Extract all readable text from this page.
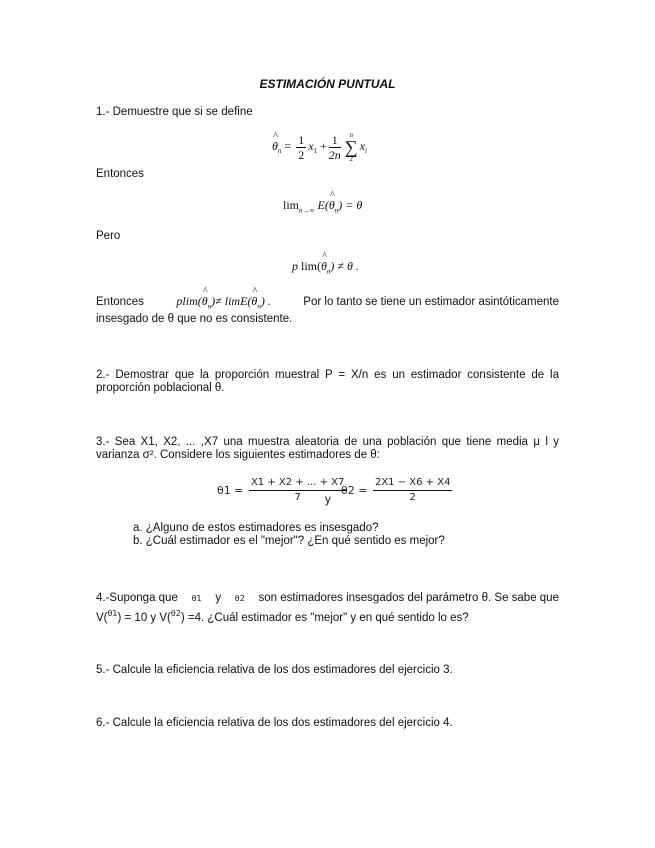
ESTIMACIÓN PUNTUAL
1.- Demuestre que si se define
^ $\theta_n = \frac{1}{2} x_1 + \frac{1}{2n}$	n
∑
2
$x_i$
Entonces
$\lim_{n\to\infty}$ E(^ $\theta_n) = \theta$
Pero
p lim(^ $\theta_n) \ne \theta$ .
Entonces	plim(^ $\theta_n)\ne$ limE(^ $\theta_n$) .	Por lo tanto se tiene un estimador asintóticamente
insesgado de θ que no es consistente.
2.- Demostrar que la proporción muestral P = X/n es un estimador consistente de la
proporción poblacional θ.
3.- Sea X1, X2, ... ,X7 una muestra aleatoria de una población que tiene media μ l y
varianza σ². Considere los siguientes estimadores de θ:
$\theta 1 = \frac{X1 + X2 + ... + X7}{7}$
y
$\theta 2 = \frac{2X1 - X6 + X4}{2}$
a. ¿Alguno de estos estimadores es insesgado?
b. ¿Cuál estimador es el "mejor"? ¿En qué sentido es mejor?
4.-Suponga que θ1 y θ2 son estimadores insesgados del parámetro θ. Se sabe que
V($^{\theta 1}$) = 10 y V($^{\theta 2}$) =4. ¿Cuál estimador es "mejor" y en qué sentido lo es?
5.- Calcule la eficiencia relativa de los dos estimadores del ejercicio 3.
6.- Calcule la eficiencia relativa de los dos estimadores del ejercicio 4.
